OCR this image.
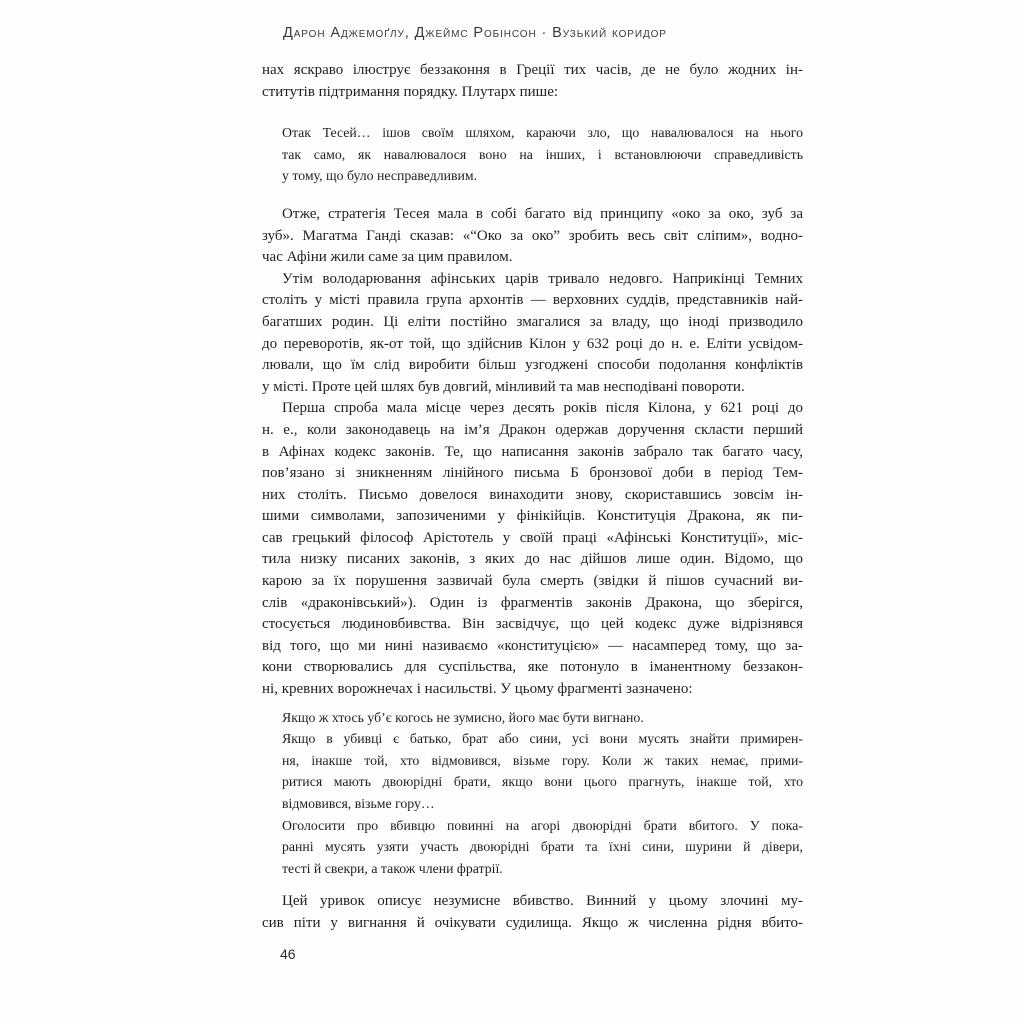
Дарон Аджемоґлу, Джеймс Робінсон · Вузький коридор
нах яскраво ілюструє беззаконня в Греції тих часів, де не було жодних ін-
ститутів підтримання порядку. Плутарх пише:
Отак Тесей… ішов своїм шляхом, караючи зло, що навалювалося на нього
так само, як навалювалося воно на інших, і встановлюючи справедливість
у тому, що було несправедливим.
Отже, стратегія Тесея мала в собі багато від принципу «око за око, зуб за
зуб». Магатма Ганді сказав: «“Око за око” зробить весь світ сліпим», водно-
час Афіни жили саме за цим правилом.
Утім володарювання афінських царів тривало недовго. Наприкінці Темних
століть у місті правила група архонтів — верховних суддів, представників най-
багатших родин. Ці еліти постійно змагалися за владу, що іноді призводило
до переворотів, як-от той, що здійснив Кілон у 632 році до н. е. Еліти усвідом-
лювали, що їм слід виробити більш узгоджені способи подолання конфліктів
у місті. Проте цей шлях був довгий, мінливий та мав несподівані повороти.
Перша спроба мала місце через десять років після Кілона, у 621 році до
н. е., коли законодавець на ім’я Дракон одержав доручення скласти перший
в Афінах кодекс законів. Те, що написання законів забрало так багато часу,
пов’язано зі зникненням лінійного письма Б бронзової доби в період Тем-
них століть. Письмо довелося винаходити знову, скориставшись зовсім ін-
шими символами, запозиченими у фінікійців. Конституція Дракона, як пи-
сав грецький філософ Арістотель у своїй праці «Афінські Конституції», міс-
тила низку писаних законів, з яких до нас дійшов лише один. Відомо, що
карою за їх порушення зазвичай була смерть (звідки й пішов сучасний ви-
слів «драконівський»). Один із фрагментів законів Дракона, що зберігся,
стосується людиновбивства. Він засвідчує, що цей кодекс дуже відрізнявся
від того, що ми нині називаємо «конституцією» — насамперед тому, що за-
кони створювались для суспільства, яке потонуло в іманентному беззакон-
ні, кревних ворожнечах і насильстві. У цьому фрагменті зазначено:
Якщо ж хтось уб’є когось не зумисно, його має бути вигнано.
Якщо в убивці є батько, брат або сини, усі вони мусять знайти примирен-
ня, інакше той, хто відмовився, візьме гору. Коли ж таких немає, прими-
ритися мають двоюрідні брати, якщо вони цього прагнуть, інакше той, хто
відмовився, візьме гору…
Оголосити про вбивцю повинні на агорі двоюрідні брати вбитого. У пока-
ранні мусять узяти участь двоюрідні брати та їхні сини, шурини й дівери,
тесті й свекри, а також члени фратрії.
Цей уривок описує незумисне вбивство. Винний у цьому злочині му-
сив піти у вигнання й очікувати судилища. Якщо ж численна рідня вбито-
46
